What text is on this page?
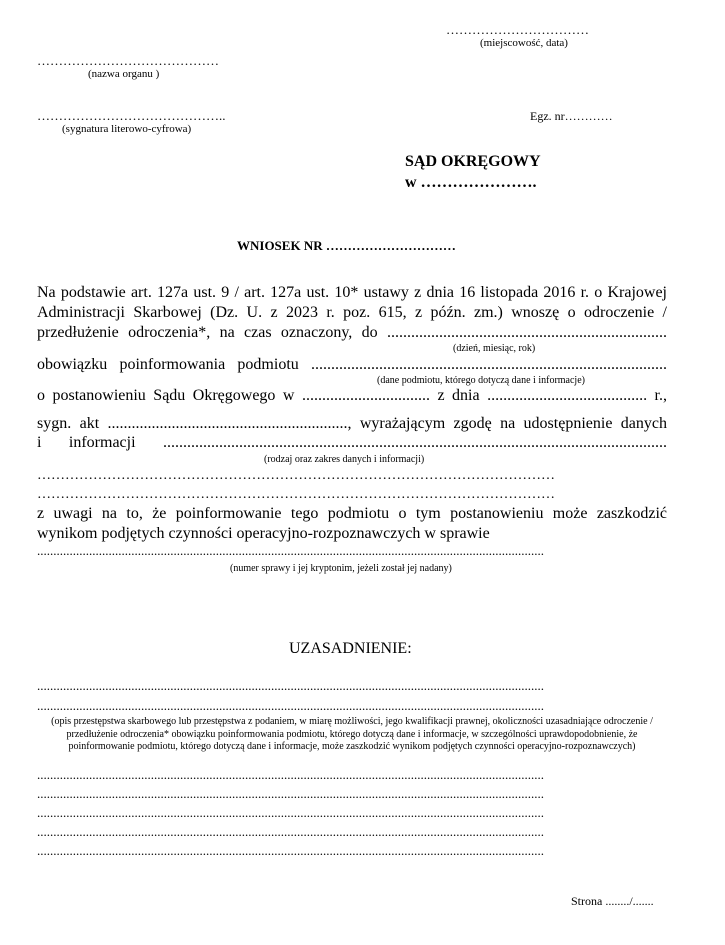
……………………………
(miejscowość, data)
……………………………………
(nazwa organu )
……………………………………..
(sygnatura literowo-cyfrowa)
Egz. nr…………
SĄD OKRĘGOWY
w ………………….
WNIOSEK NR …………………………
Na podstawie art. 127a ust. 9 / art. 127a ust. 10* ustawy z dnia 16 listopada 2016 r. o Krajowej
Administracji Skarbowej (Dz. U. z 2023 r. poz. 615, z późn. zm.) wnoszę o odroczenie /
przedłużenie odroczenia*, na czas oznaczony, do ......................................................................
(dzień, miesiąc, rok)
obowiązku poinformowania podmiotu .........................................................................................
(dane podmiotu, którego dotyczą dane i informacje)
o postanowieniu Sądu Okręgowego w ................................ z dnia ........................................ r.,
sygn. akt ............................................................, wyrażającym zgodę na udostępnienie danych
i informacji ..............................................................................................................................
(rodzaj oraz zakres danych i informacji)
…………………………………………………………………………………………………
…………………………………………………………………………………………………
z uwagi na to, że poinformowanie tego podmiotu o tym postanowieniu może zaszkodzić
wynikom podjętych czynności operacyjno-rozpoznawczych w sprawie
............................................................................................................................................................
(numer sprawy i jej kryptonim, jeżeli został jej nadany)
UZASADNIENIE:
............................................................................................................................................................
............................................................................................................................................................
(opis przestępstwa skarbowego lub przestępstwa z podaniem, w miarę możliwości, jego kwalifikacji prawnej, okoliczności uzasadniające odroczenie / przedłużenie odroczenia* obowiązku poinformowania podmiotu, którego dotyczą dane i informacje, w szczególności uprawdopodobnienie, że poinformowanie podmiotu, którego dotyczą dane i informacje, może zaszkodzić wynikom podjętych czynności operacyjno-rozpoznawczych)
............................................................................................................................................................
............................................................................................................................................................
............................................................................................................................................................
............................................................................................................................................................
............................................................................................................................................................
Strona ......../.......
